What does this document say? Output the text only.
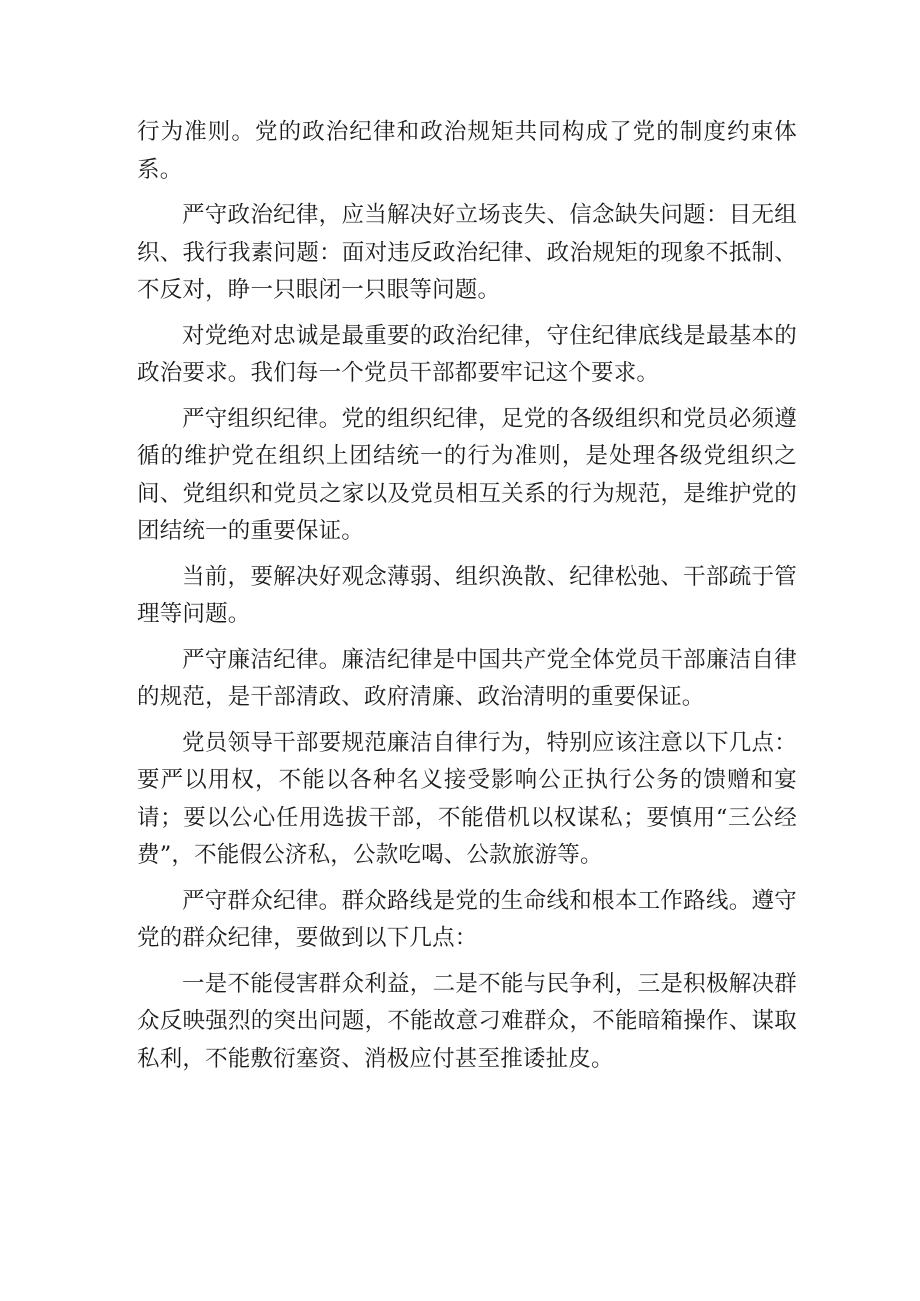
行为准则。党的政治纪律和政治规矩共同构成了党的制度约束体系。

严守政治纪律，应当解决好立场丧失、信念缺失问题：目无组织、我行我素问题：面对违反政治纪律、政治规矩的现象不抵制、不反对，睁一只眼闭一只眼等问题。

对党绝对忠诚是最重要的政治纪律，守住纪律底线是最基本的政治要求。我们每一个党员干部都要牢记这个要求。

严守组织纪律。党的组织纪律，足党的各级组织和党员必须遵循的维护党在组织上团结统一的行为准则，是处理各级党组织之间、党组织和党员之家以及党员相互关系的行为规范，是维护党的团结统一的重要保证。

当前，要解决好观念薄弱、组织涣散、纪律松弛、干部疏于管理等问题。

严守廉洁纪律。廉洁纪律是中国共产党全体党员干部廉洁自律的规范，是干部清政、政府清廉、政治清明的重要保证。

党员领导干部要规范廉洁自律行为，特别应该注意以下几点：要严以用权，不能以各种名义接受影响公正执行公务的馈赠和宴请；要以公心任用选拔干部，不能借机以权谋私；要慎用“三公经费”，不能假公济私，公款吃喝、公款旅游等。

严守群众纪律。群众路线是党的生命线和根本工作路线。遵守党的群众纪律，要做到以下几点：

一是不能侵害群众利益，二是不能与民争利，三是积极解决群众反映强烈的突出问题，不能故意刁难群众，不能暗箱操作、谋取私利，不能敷衍塞资、消极应付甚至推诿扯皮。
